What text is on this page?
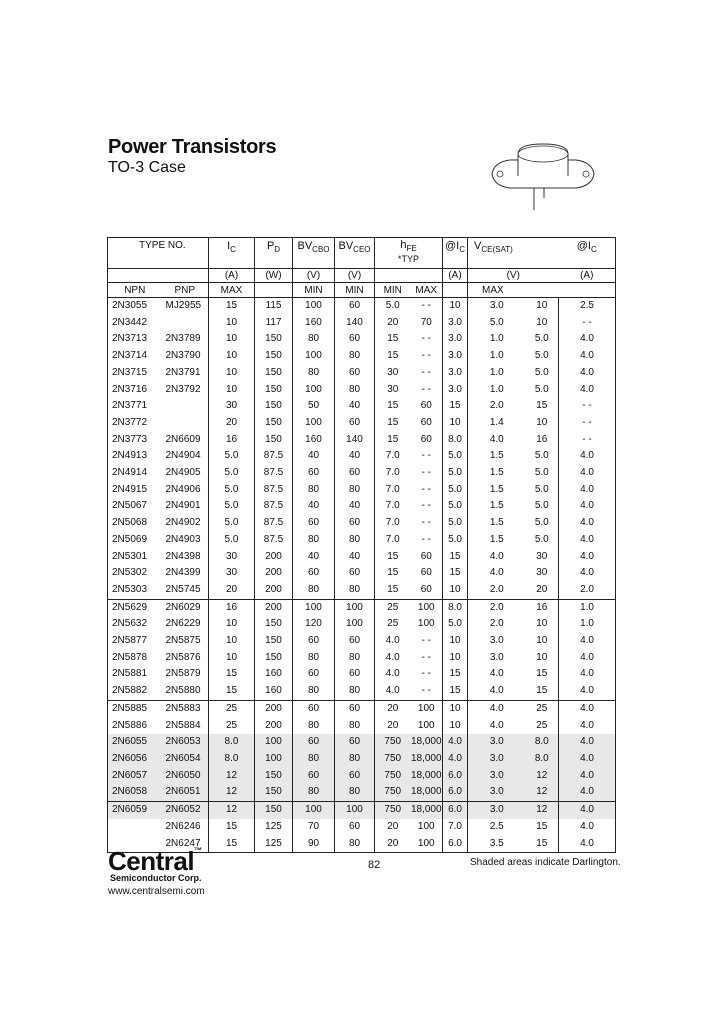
Power Transistors
TO-3 Case
TYPE NO.		$I_C$	$P_D$	$BV_{CBO}$	$BV_{CEO}$	$h_{FE}$
*TYP		$@I_C$	$V_{CE(SAT)}$		$@I_C$	

		(A)	(W)	(V)	(V)			(A)	(V)		(A)	
NPN	PNP	MAX		MIN	MIN	MIN	MAX		MAX		
2N3055	MJ2955	15	115	100	60	5.0	- -	10	3.0	10	2.5	
2N3442		10	117	160	140	20	70	3.0	5.0	10	- -	
2N3713	2N3789	10	150	80	60	15	- -	3.0	1.0	5.0	4.0	
2N3714	2N3790	10	150	100	80	15	- -	3.0	1.0	5.0	4.0	
2N3715	2N3791	10	150	80	60	30	- -	3.0	1.0	5.0	4.0	
2N3716	2N3792	10	150	100	80	30	- -	3.0	1.0	5.0	4.0	
2N3771		30	150	50	40	15	60	15	2.0	15	- -	
2N3772		20	150	100	60	15	60	10	1.4	10	- -	
2N3773	2N6609	16	150	160	140	15	60	8.0	4.0	16	- -	
2N4913	2N4904	5.0	87.5	40	40	7.0	- -	5.0	1.5	5.0	4.0	
2N4914	2N4905	5.0	87.5	60	60	7.0	- -	5.0	1.5	5.0	4.0	
2N4915	2N4906	5.0	87.5	80	80	7.0	- -	5.0	1.5	5.0	4.0	
2N5067	2N4901	5.0	87.5	40	40	7.0	- -	5.0	1.5	5.0	4.0	
2N5068	2N4902	5.0	87.5	60	60	7.0	- -	5.0	1.5	5.0	4.0	
2N5069	2N4903	5.0	87.5	80	80	7.0	- -	5.0	1.5	5.0	4.0	
2N5301	2N4398	30	200	40	40	15	60	15	4.0	30	4.0	
2N5302	2N4399	30	200	60	60	15	60	15	4.0	30	4.0	
2N5303	2N5745	20	200	80	80	15	60	10	2.0	20	2.0	
2N5629	2N6029	16	200	100	100	25	100	8.0	2.0	16	1.0	
2N5632	2N6229	10	150	120	100	25	100	5.0	2.0	10	1.0	
2N5877	2N5875	10	150	60	60	4.0	- -	10	3.0	10	4.0	
2N5878	2N5876	10	150	80	80	4.0	- -	10	3.0	10	4.0	
2N5881	2N5879	15	160	60	60	4.0	- -	15	4.0	15	4.0	
2N5882	2N5880	15	160	80	80	4.0	- -	15	4.0	15	4.0	
2N5885	2N5883	25	200	60	60	20	100	10	4.0	25	4.0	
2N5886	2N5884	25	200	80	80	20	100	10	4.0	25	4.0	
2N6055	2N6053	8.0	100	60	60	750	18,000	4.0	3.0	8.0	4.0	
2N6056	2N6054	8.0	100	80	80	750	18,000	4.0	3.0	8.0	4.0	
2N6057	2N6050	12	150	60	60	750	18,000	6.0	3.0	12	4.0	
2N6058	2N6051	12	150	80	80	750	18,000	6.0	3.0	12	4.0	
2N6059	2N6052	12	150	100	100	750	18,000	6.0	3.0	12	4.0	
	2N6246	15	125	70	60	20	100	7.0	2.5	15	4.0	
	2N6247	15	125	90	80	20	100	6.0	3.5	15	4.0	
Central™
Semiconductor Corp.
www.centralsemi.com
82	Shaded areas indicate Darlington.
